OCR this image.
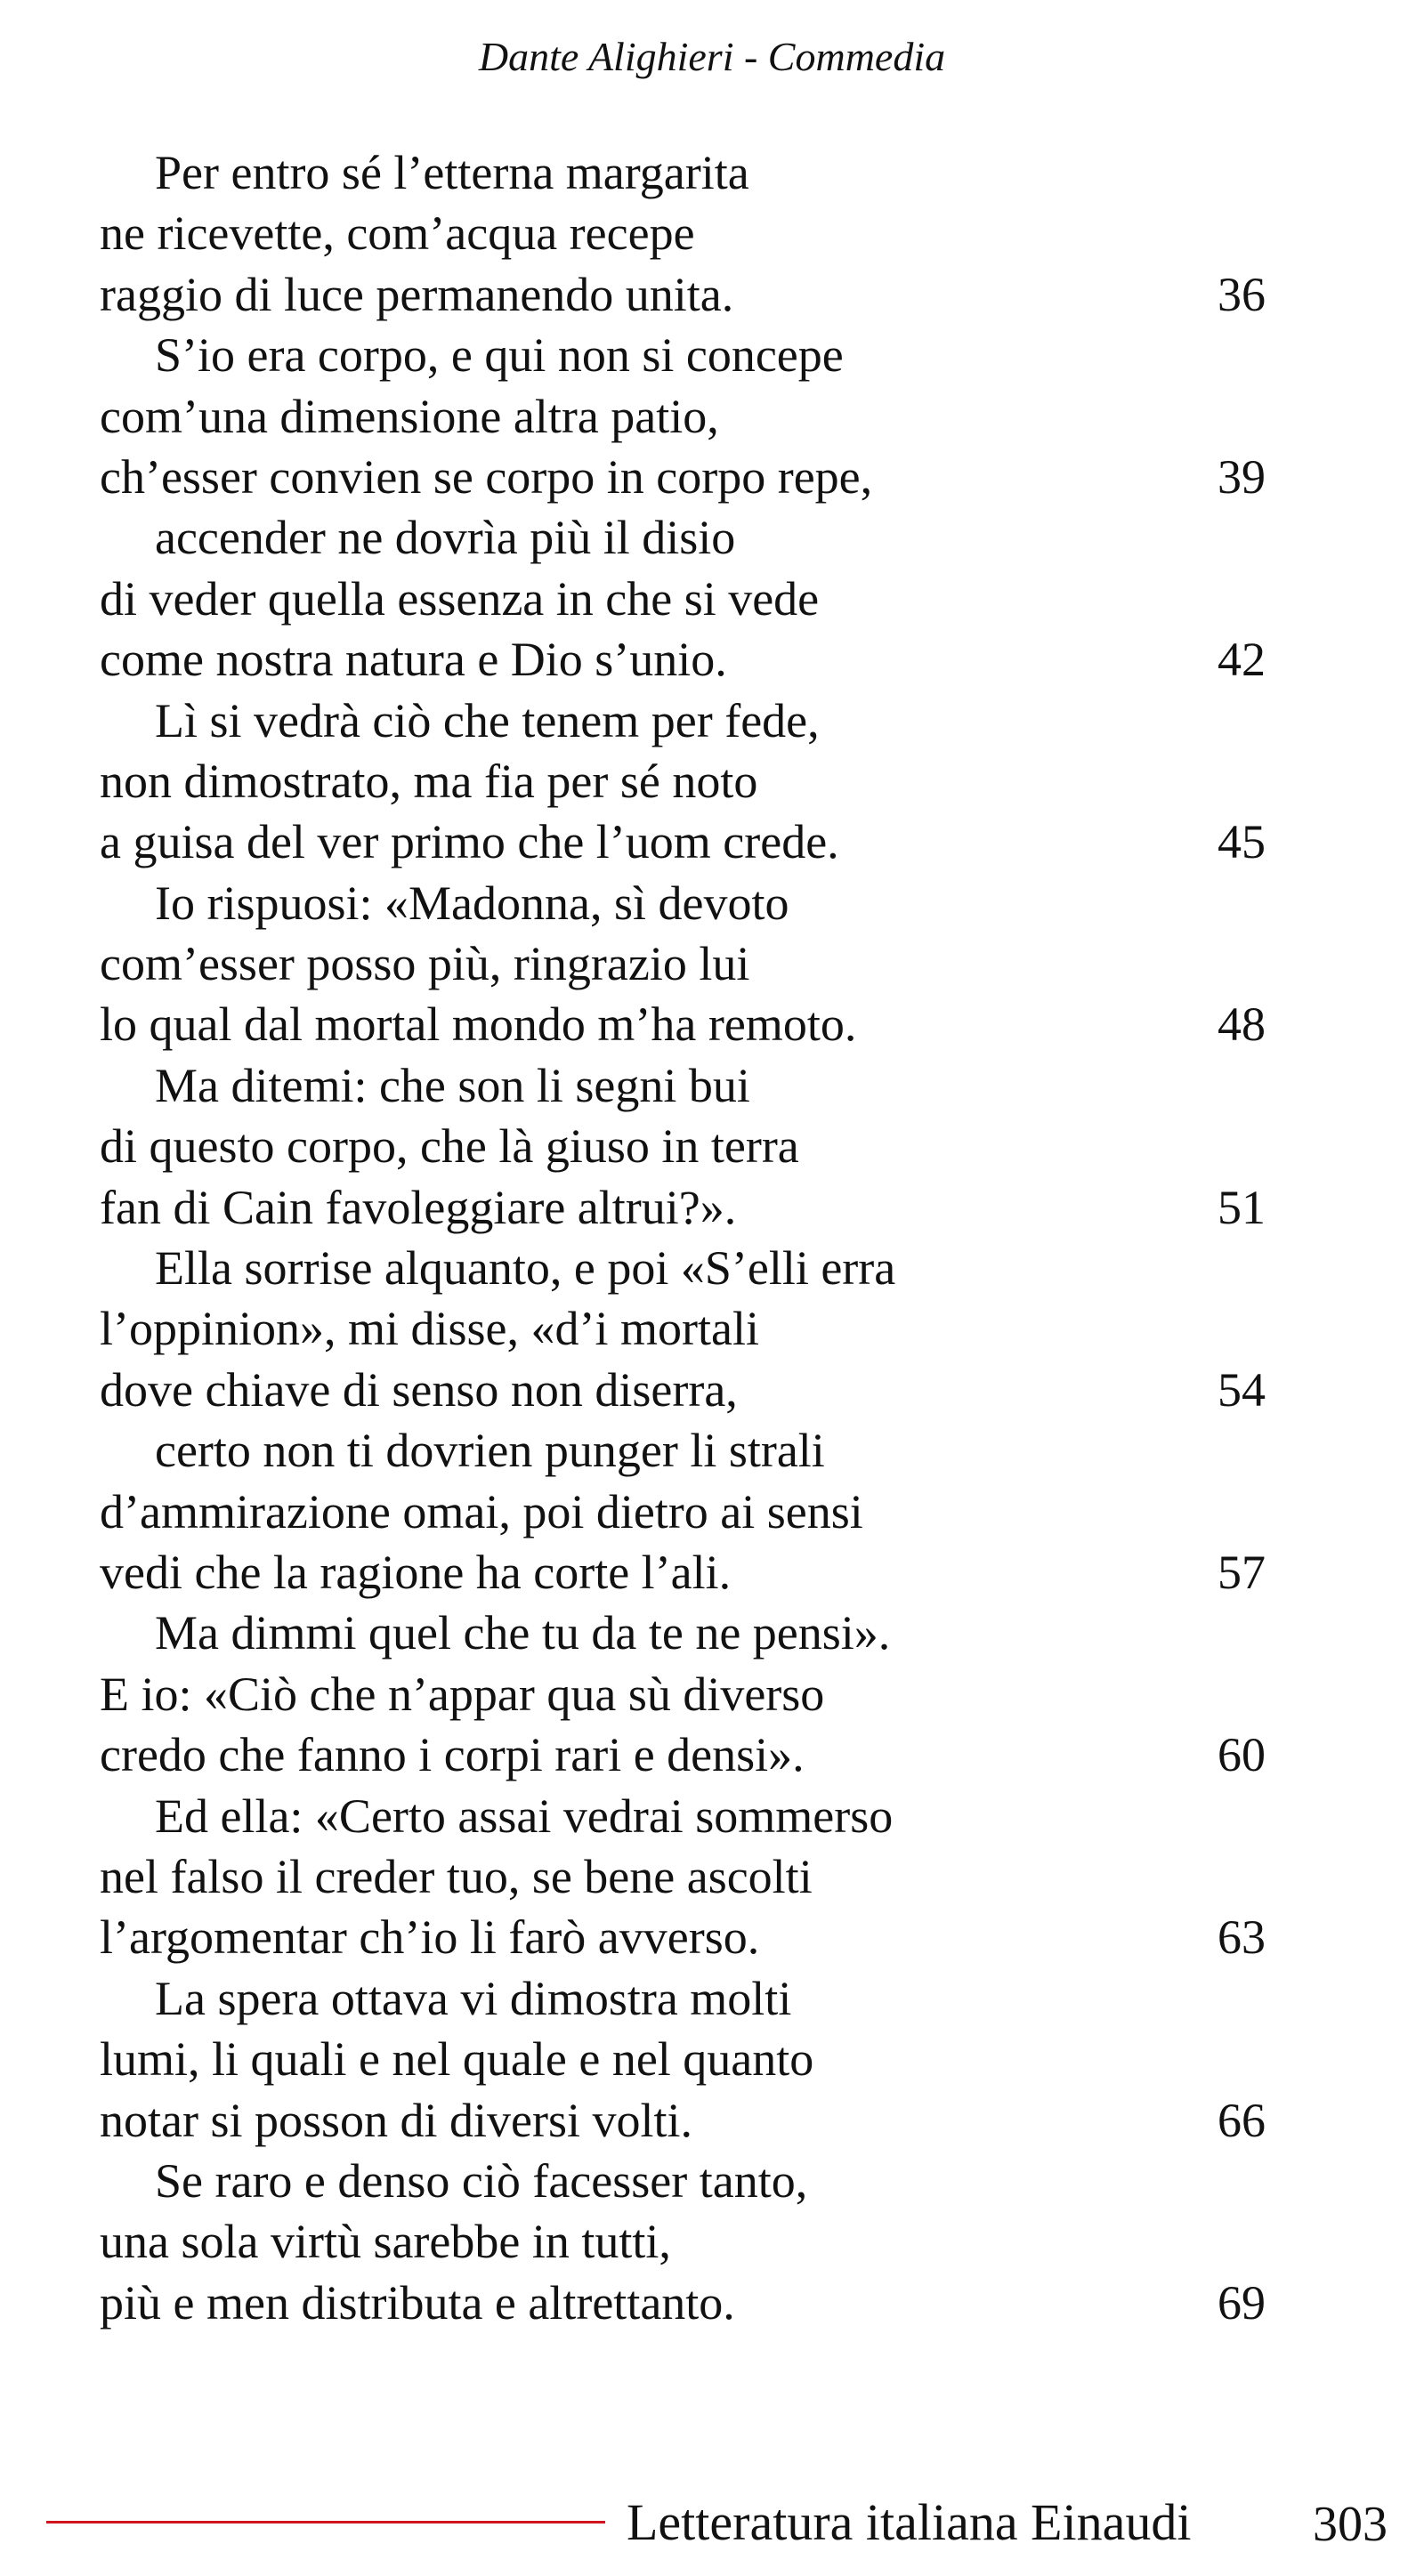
Dante Alighieri - Commedia
Per entro sé l’etterna margarita
ne ricevette, com’acqua recepe
raggio di luce permanendo unita.	36
S’io era corpo, e qui non si concepe
com’una dimensione altra patio,
ch’esser convien se corpo in corpo repe,	39
accender ne dovrìa più il disio
di veder quella essenza in che si vede
come nostra natura e Dio s’unio.	42
Lì si vedrà ciò che tenem per fede,
non dimostrato, ma fia per sé noto
a guisa del ver primo che l’uom crede.	45
Io rispuosi: «Madonna, sì devoto
com’esser posso più, ringrazio lui
lo qual dal mortal mondo m’ha remoto.	48
Ma ditemi: che son li segni bui
di questo corpo, che là giuso in terra
fan di Cain favoleggiare altrui?».	51
Ella sorrise alquanto, e poi «S’elli erra
l’oppinion», mi disse, «d’i mortali
dove chiave di senso non diserra,	54
certo non ti dovrien punger li strali
d’ammirazione omai, poi dietro ai sensi
vedi che la ragione ha corte l’ali.	57
Ma dimmi quel che tu da te ne pensi».
E io: «Ciò che n’appar qua sù diverso
credo che fanno i corpi rari e densi».	60
Ed ella: «Certo assai vedrai sommerso
nel falso il creder tuo, se bene ascolti
l’argomentar ch’io li farò avverso.	63
La spera ottava vi dimostra molti
lumi, li quali e nel quale e nel quanto
notar si posson di diversi volti.	66
Se raro e denso ciò facesser tanto,
una sola virtù sarebbe in tutti,
più e men distributa e altrettanto.	69
Letteratura italiana Einaudi 303
